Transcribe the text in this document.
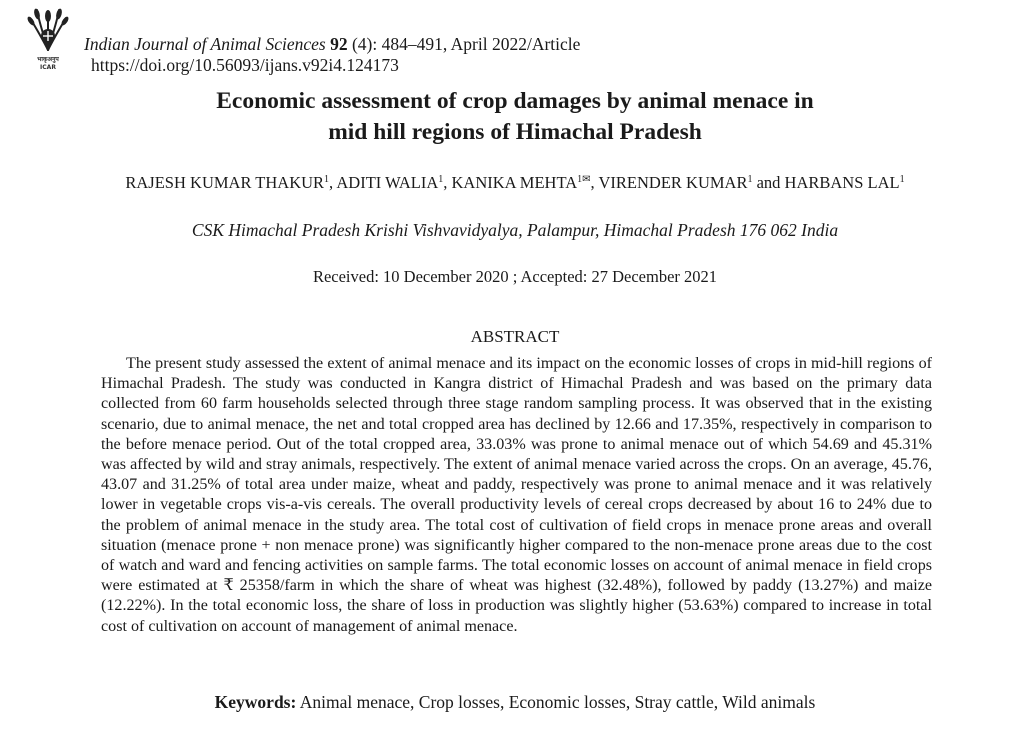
भाकृअनुप
ICAR
Indian Journal of Animal Sciences 92 (4): 484–491, April 2022/Article
https://doi.org/10.56093/ijans.v92i4.124173
Economic assessment of crop damages by animal menace in
mid hill regions of Himachal Pradesh
RAJESH KUMAR THAKUR$^1$, ADITI WALIA$^1$, KANIKA $MEHTA^{1✉}$, VIRENDER KUMAR$^1$ and HARBANS LAL$^1$
CSK Himachal Pradesh Krishi Vishvavidyalya, Palampur, Himachal Pradesh 176 062 India
Received: 10 December 2020 ; Accepted: 27 December 2021
ABSTRACT
The present study assessed the extent of animal menace and its impact on the economic losses of crops in mid-hill regions of Himachal Pradesh. The study was conducted in Kangra district of Himachal Pradesh and was based on the primary data collected from 60 farm households selected through three stage random sampling process. It was observed that in the existing scenario, due to animal menace, the net and total cropped area has declined by 12.66 and 17.35%, respectively in comparison to the before menace period. Out of the total cropped area, 33.03% was prone to animal menace out of which 54.69 and 45.31% was affected by wild and stray animals, respectively. The extent of animal menace varied across the crops. On an average, 45.76, 43.07 and 31.25% of total area under maize, wheat and paddy, respectively was prone to animal menace and it was relatively lower in vegetable crops vis-a-vis cereals. The overall productivity levels of cereal crops decreased by about 16 to 24% due to the problem of animal menace in the study area. The total cost of cultivation of field crops in menace prone areas and overall situation (menace prone + non menace prone) was significantly higher compared to the non-menace prone areas due to the cost of watch and ward and fencing activities on sample farms. The total economic losses on account of animal menace in field crops were estimated at ₹ 25358/farm in which the share of wheat was highest (32.48%), followed by paddy (13.27%) and maize (12.22%). In the total economic loss, the share of loss in production was slightly higher (53.63%) compared to increase in total cost of cultivation on account of management of animal menace.
Keywords: Animal menace, Crop losses, Economic losses, Stray cattle, Wild animals
